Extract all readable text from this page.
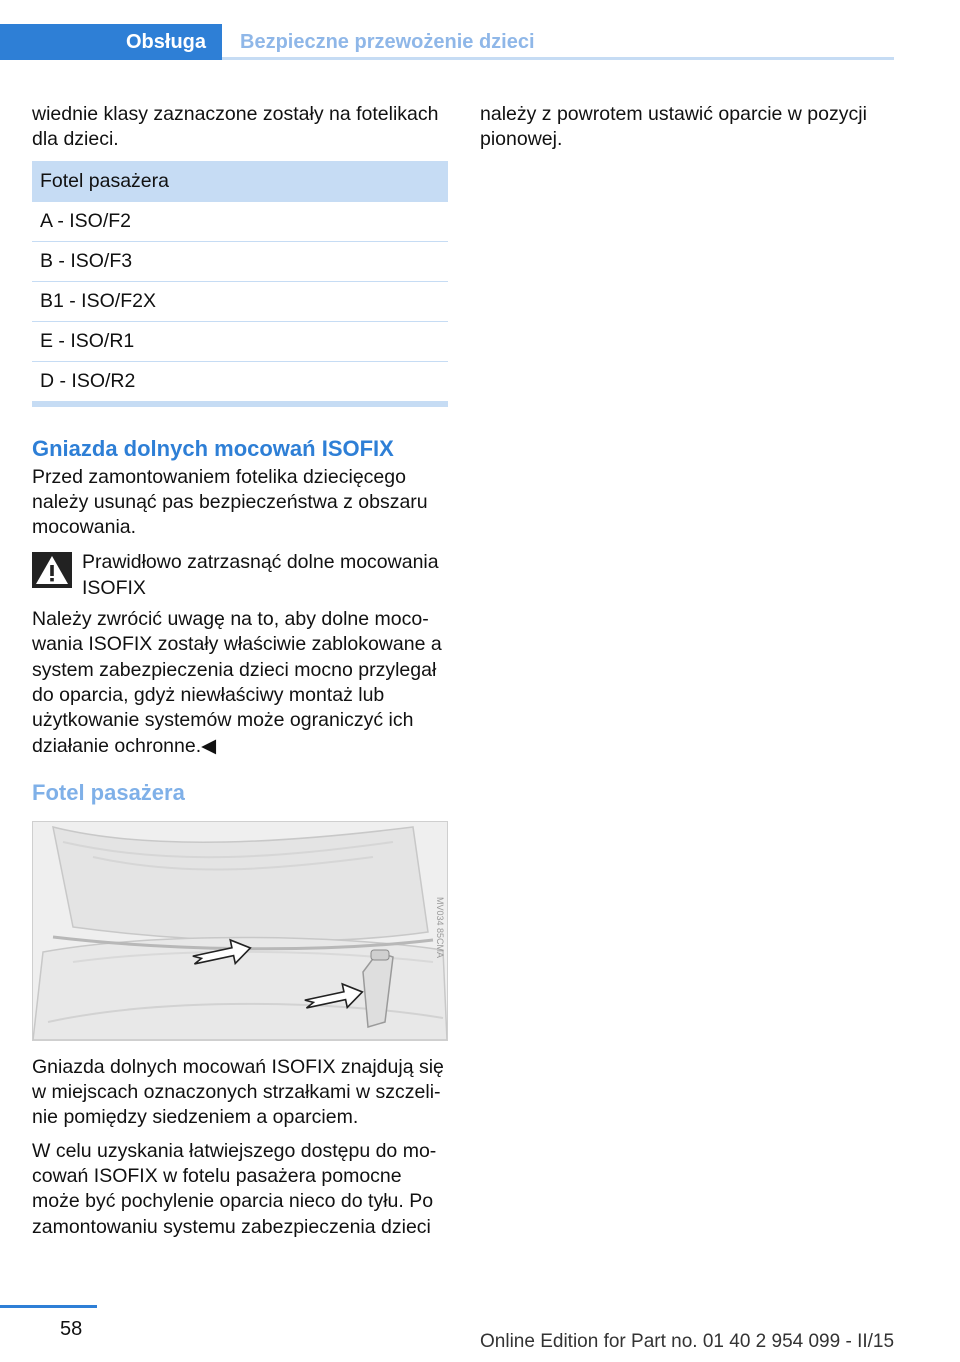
Obsługa	Bezpieczne przewożenie dzieci

wiednie klasy zaznaczone zostały na fotelikach dla dzieci.

Fotel pasażera
A - ISO/F2
B - ISO/F3
B1 - ISO/F2X
E - ISO/R1
D - ISO/R2
Gniazda dolnych mocowań ISOFIX

Przed zamontowaniem fotelika dziecięcego należy usunąć pas bezpieczeństwa z obszaru mocowania.

Prawidłowo zatrzasnąć dolne mocowania ISOFIX

Należy zwrócić uwagę na to, aby dolne mocowania ISOFIX zostały właściwie zablokowane a system zabezpieczenia dzieci mocno przylegał do oparcia, gdyż niewłaściwy montaż lub użytkowanie systemów może ograniczyć ich działanie ochronne.◀

Fotel pasażera
MV034 85CMA

Gniazda dolnych mocowań ISOFIX znajdują się w miejscach oznaczonych strzałkami w szczelinie pomiędzy siedzeniem a oparciem.

W celu uzyskania łatwiejszego dostępu do mocowań ISOFIX w fotelu pasażera pomocne może być pochylenie oparcia nieco do tyłu. Po zamontowaniu systemu zabezpieczenia dzieci

należy z powrotem ustawić oparcie w pozycji pionowej.

58
Online Edition for Part no. 01 40 2 954 099 - II/15
